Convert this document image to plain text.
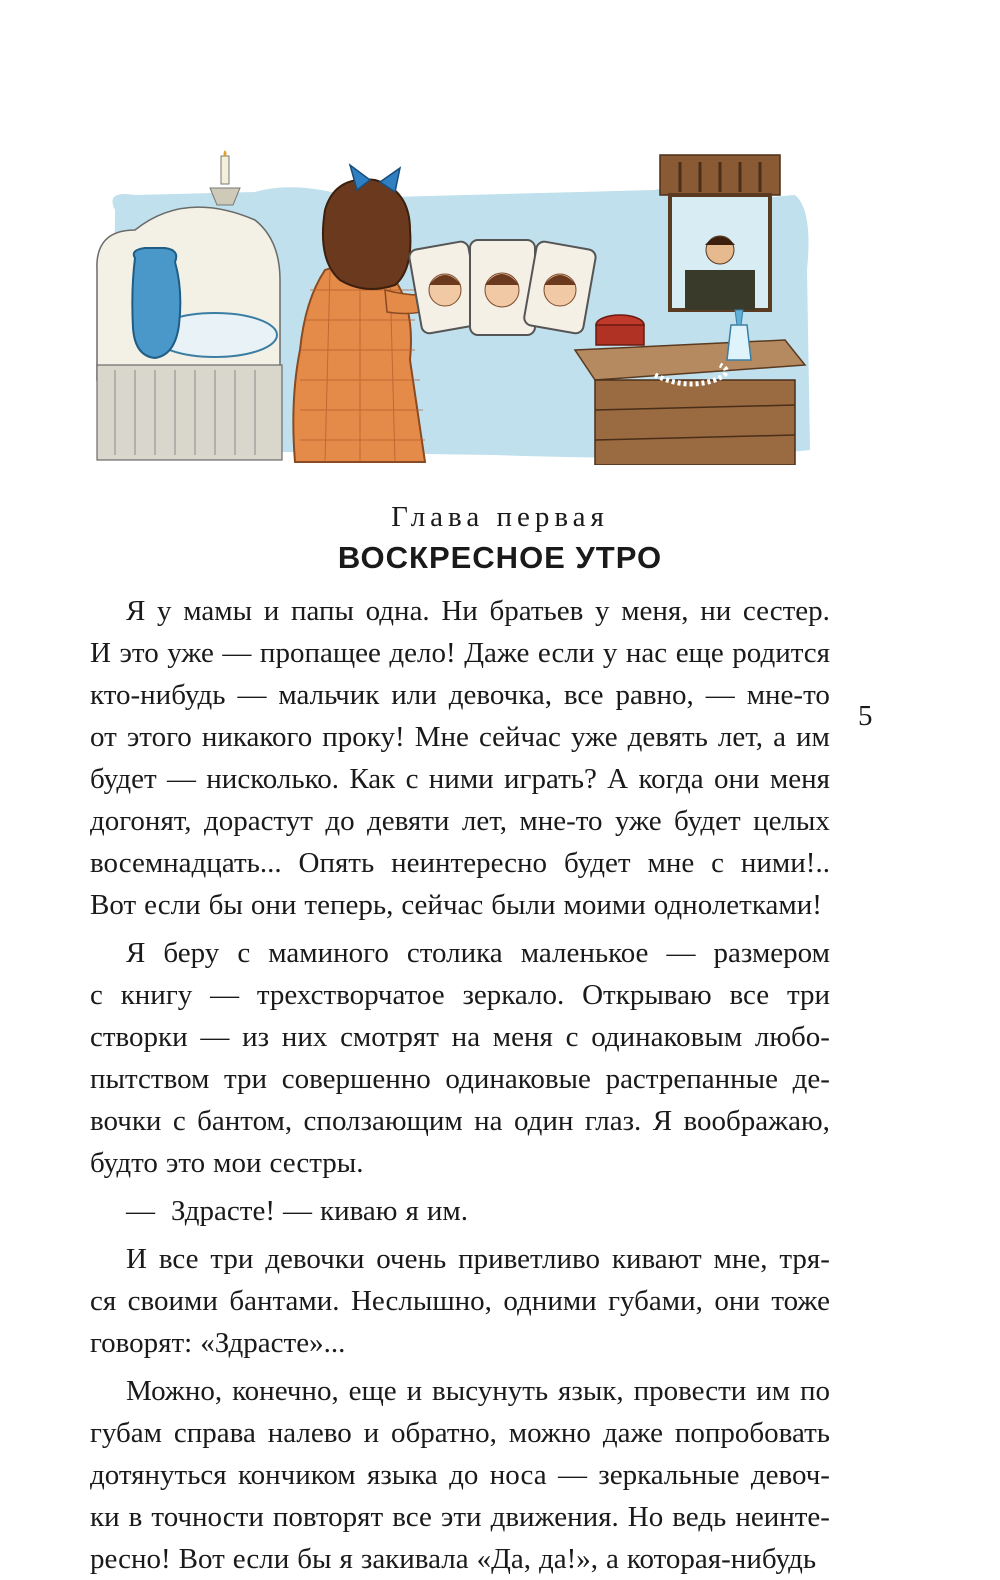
Глава первая
ВОСКРЕСНОЕ УТРО
Я у мамы и папы одна. Ни братьев у меня, ни сестер.
И это уже — пропащее дело! Даже если у нас еще родится
кто-нибудь — мальчик или девочка, все равно, — мне-то
от этого никакого проку! Мне сейчас уже девять лет, а им
будет — нисколько. Как с ними играть? А когда они меня
догонят, дорастут до девяти лет, мне-то уже будет целых
восемнадцать... Опять неинтересно будет мне с ними!..
Вот если бы они теперь, сейчас были моими однолетками!
Я беру с маминого столика маленькое — размером
с книгу — трехстворчатое зеркало. Открываю все три
створки — из них смотрят на меня с одинаковым любо-
пытством три совершенно одинаковые растрепанные де-
вочки с бантом, сползающим на один глаз. Я воображаю,
будто это мои сестры.
— Здрасте! — киваю я им.
И все три девочки очень приветливо кивают мне, тря-
ся своими бантами. Неслышно, одними губами, они тоже
говорят: «Здрасте»...
Можно, конечно, еще и высунуть язык, провести им по
губам справа налево и обратно, можно даже попробовать
дотянуться кончиком языка до носа — зеркальные девоч-
ки в точности повторят все эти движения. Но ведь неинте-
ресно! Вот если бы я закивала «Да, да!», а которая-нибудь
5
